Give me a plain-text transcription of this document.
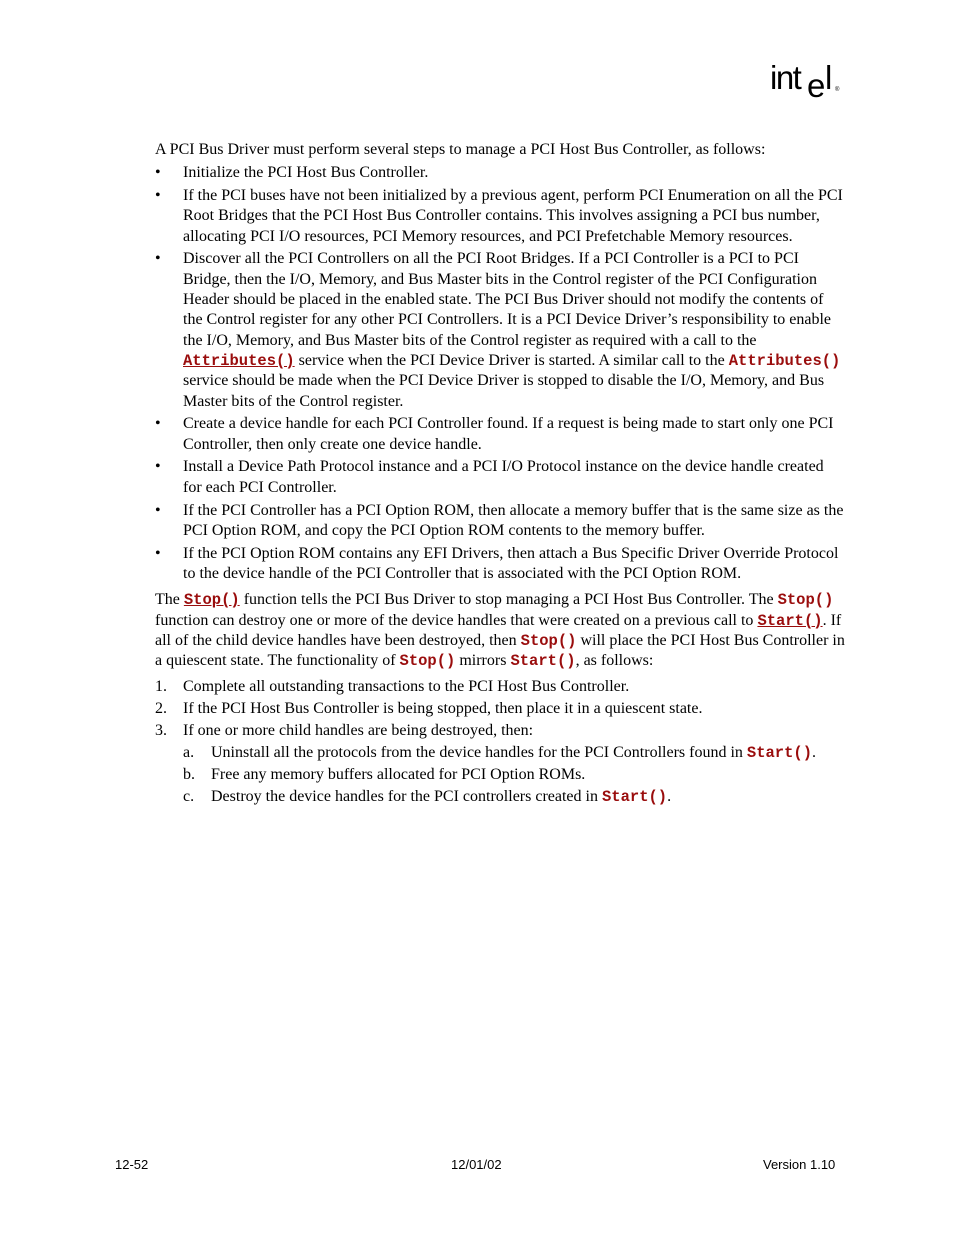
int e l ®

A PCI Bus Driver must perform several steps to manage a PCI Host Bus Controller, as follows:

• Initialize the PCI Host Bus Controller.
• If the PCI buses have not been initialized by a previous agent, perform PCI Enumeration on all the PCI Root Bridges that the PCI Host Bus Controller contains. This involves assigning a PCI bus number, allocating PCI I/O resources, PCI Memory resources, and PCI Prefetchable Memory resources.
• Discover all the PCI Controllers on all the PCI Root Bridges. If a PCI Controller is a PCI to PCI Bridge, then the I/O, Memory, and Bus Master bits in the Control register of the PCI Configuration Header should be placed in the enabled state. The PCI Bus Driver should not modify the contents of the Control register for any other PCI Controllers. It is a PCI Device Driver’s responsibility to enable the I/O, Memory, and Bus Master bits of the Control register as required with a call to the Attributes() service when the PCI Device Driver is started. A similar call to the Attributes() service should be made when the PCI Device Driver is stopped to disable the I/O, Memory, and Bus Master bits of the Control register.
• Create a device handle for each PCI Controller found. If a request is being made to start only one PCI Controller, then only create one device handle.
• Install a Device Path Protocol instance and a PCI I/O Protocol instance on the device handle created for each PCI Controller.
• If the PCI Controller has a PCI Option ROM, then allocate a memory buffer that is the same size as the PCI Option ROM, and copy the PCI Option ROM contents to the memory buffer.
• If the PCI Option ROM contains any EFI Drivers, then attach a Bus Specific Driver Override Protocol to the device handle of the PCI Controller that is associated with the PCI Option ROM.

The Stop() function tells the PCI Bus Driver to stop managing a PCI Host Bus Controller. The Stop() function can destroy one or more of the device handles that were created on a previous call to Start(). If all of the child device handles have been destroyed, then Stop() will place the PCI Host Bus Controller in a quiescent state. The functionality of Stop() mirrors Start(), as follows:

1. Complete all outstanding transactions to the PCI Host Bus Controller.
2. If the PCI Host Bus Controller is being stopped, then place it in a quiescent state.
3. If one or more child handles are being destroyed, then:
a. Uninstall all the protocols from the device handles for the PCI Controllers found in Start().
b. Free any memory buffers allocated for PCI Option ROMs.
c. Destroy the device handles for the PCI controllers created in Start().
12-52	12/01/02	Version 1.10
